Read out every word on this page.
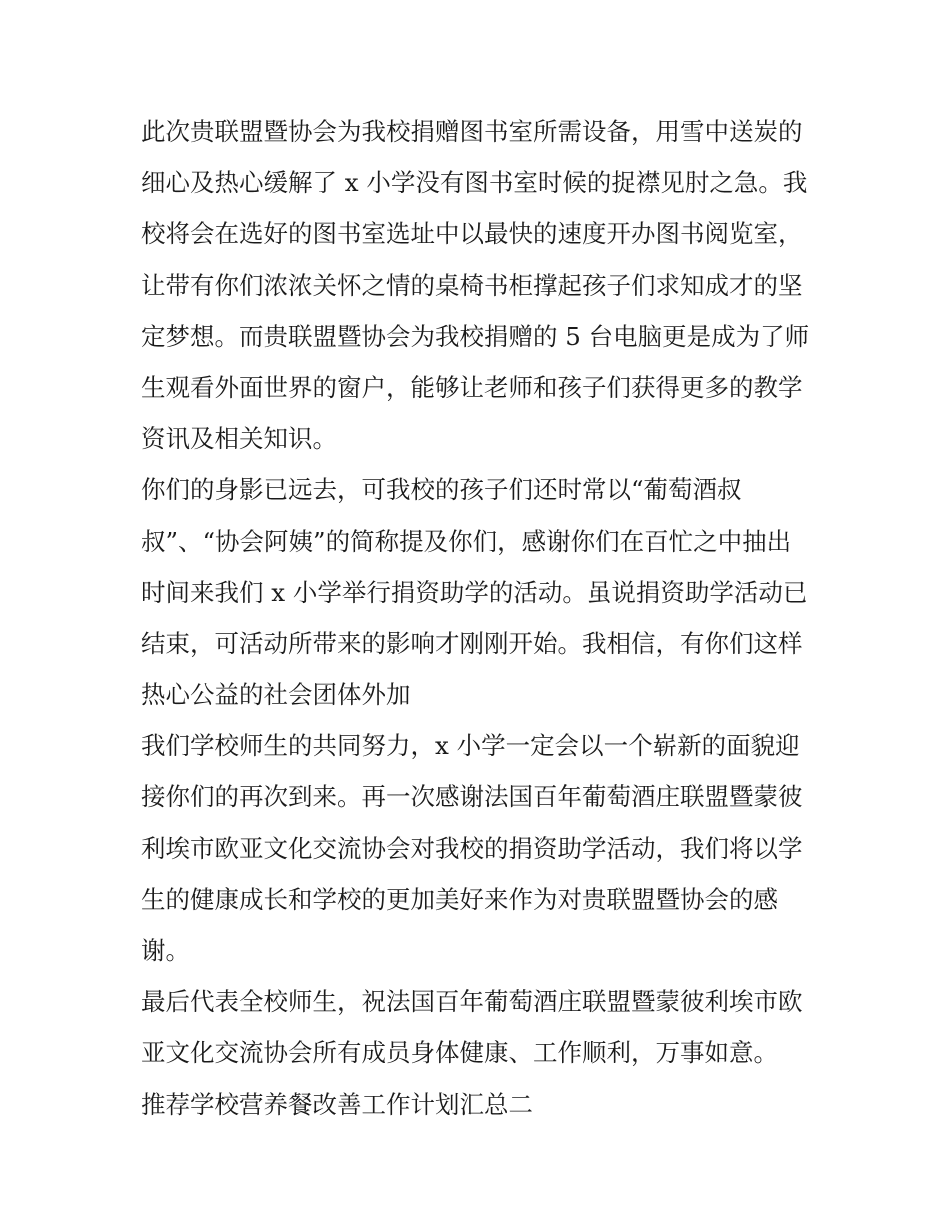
此次贵联盟暨协会为我校捐赠图书室所需设备，用雪中送炭的
细心及热心缓解了 x 小学没有图书室时候的捉襟见肘之急。我
校将会在选好的图书室选址中以最快的速度开办图书阅览室，
让带有你们浓浓关怀之情的桌椅书柜撑起孩子们求知成才的坚
定梦想。而贵联盟暨协会为我校捐赠的 5 台电脑更是成为了师
生观看外面世界的窗户，能够让老师和孩子们获得更多的教学
资讯及相关知识。
你们的身影已远去，可我校的孩子们还时常以“葡萄酒叔
叔”、“协会阿姨”的简称提及你们，感谢你们在百忙之中抽出
时间来我们 x 小学举行捐资助学的活动。虽说捐资助学活动已
结束，可活动所带来的影响才刚刚开始。我相信，有你们这样
热心公益的社会团体外加
我们学校师生的共同努力，x 小学一定会以一个崭新的面貌迎
接你们的再次到来。再一次感谢法国百年葡萄酒庄联盟暨蒙彼
利埃市欧亚文化交流协会对我校的捐资助学活动，我们将以学
生的健康成长和学校的更加美好来作为对贵联盟暨协会的感
谢。
最后代表全校师生，祝法国百年葡萄酒庄联盟暨蒙彼利埃市欧
亚文化交流协会所有成员身体健康、工作顺利，万事如意。
推荐学校营养餐改善工作计划汇总二
